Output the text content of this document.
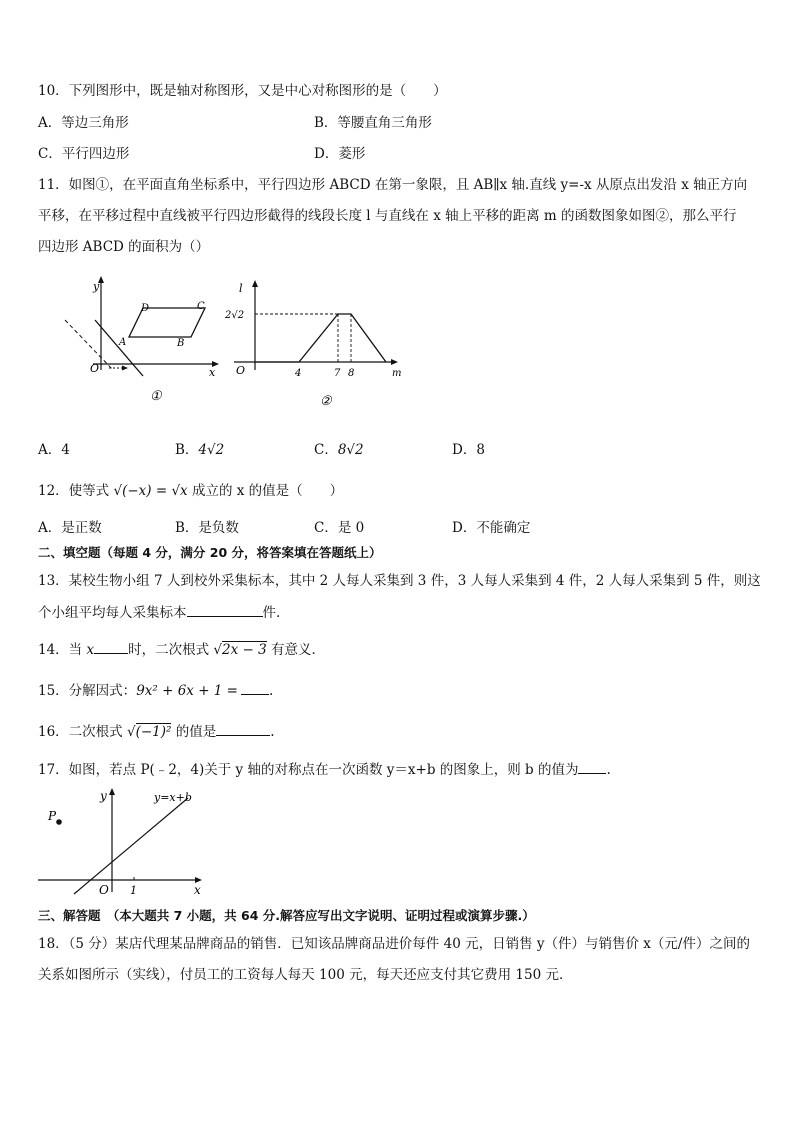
10．下列图形中，既是轴对称图形，又是中心对称图形的是（　　）
A．等边三角形	B．等腰直角三角形
C．平行四边形	D．菱形
11．如图①，在平面直角坐标系中，平行四边形 ABCD 在第一象限，且 AB∥x 轴.直线 y=-x 从原点出发沿 x 轴正方向
平移，在平移过程中直线被平行四边形截得的线段长度 l 与直线在 x 轴上平移的距离 m 的函数图象如图②，那么平行
四边形 ABCD 的面积为（）
y
x
O
A	B
C
D
①
l
m
O
2√2
4	7 8
②
A．4	B．4√2	C．8√2	D．8
12．使等式 √(−x) = √x 成立的 x 的值是（　　）
A．是正数	B．是负数	C．是 0	D．不能确定
二、填空题（每题 4 分，满分 20 分，将答案填在答题纸上）
13．某校生物小组 7 人到校外采集标本，其中 2 人每人采集到 3 件，3 人每人采集到 4 件，2 人每人采集到 5 件，则这
个小组平均每人采集标本	件.
14．当 x	时，二次根式 √2x − 3 有意义．
15．分解因式：9x² + 6x + 1 = .
16．二次根式 √(−1)² 的值是	.
17．如图，若点 P(﹣2，4)关于 y 轴的对称点在一次函数 y＝x+b 的图象上，则 b 的值为 .
P
y
x
O 1
y=x+b
三、解答题　（本大题共 7 小题，共 64 分.解答应写出文字说明、证明过程或演算步骤.）
18．（5 分）某店代理某品牌商品的销售．已知该品牌商品进价每件 40 元，日销售 y（件）与销售价 x（元/件）之间的
关系如图所示（实线），付员工的工资每人每天 100 元，每天还应支付其它费用 150 元．
